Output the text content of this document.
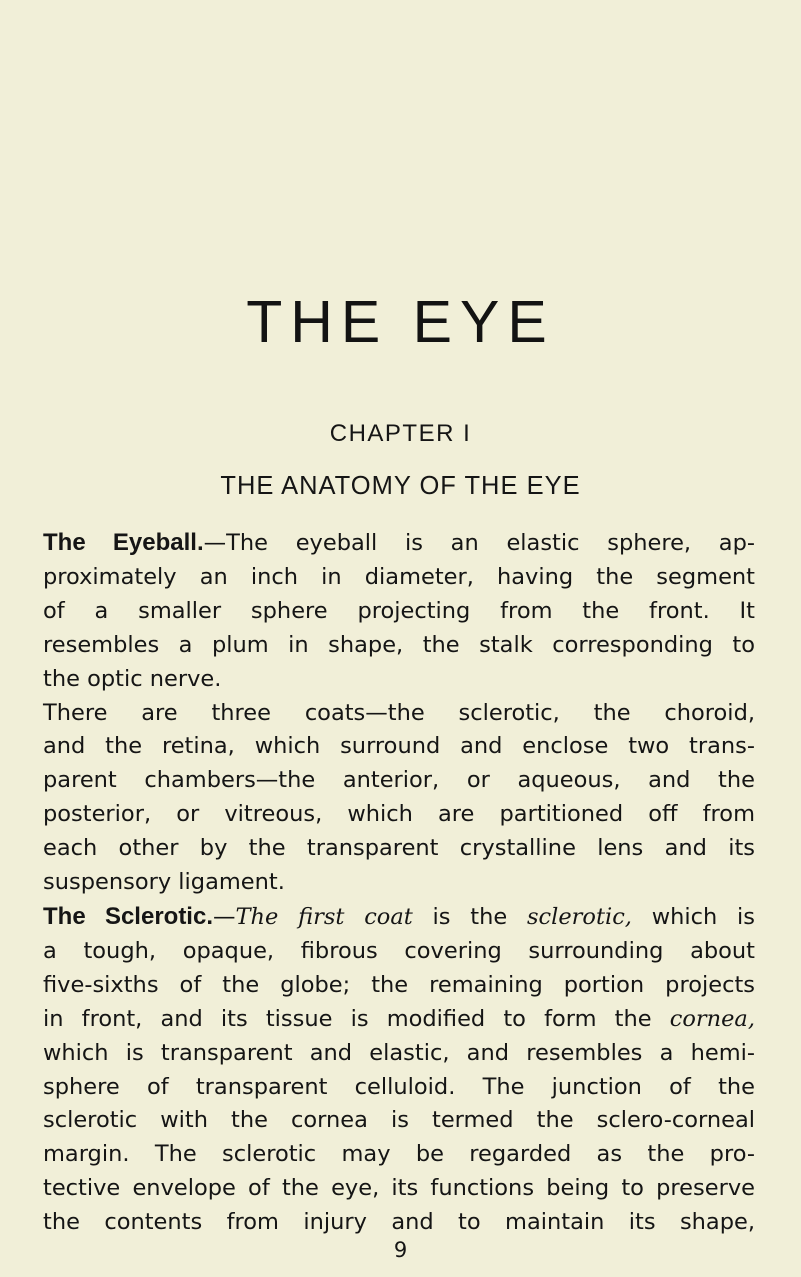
THE EYE
CHAPTER I
THE ANATOMY OF THE EYE
The Eyeball.—The eyeball is an elastic sphere, ap-
proximately an inch in diameter, having the segment
of a smaller sphere projecting from the front. It
resembles a plum in shape, the stalk corresponding to
the optic nerve.
There are three coats—the sclerotic, the choroid,
and the retina, which surround and enclose two trans-
parent chambers—the anterior, or aqueous, and the
posterior, or vitreous, which are partitioned off from
each other by the transparent crystalline lens and its
suspensory ligament.
The Sclerotic.—The first coat is the sclerotic, which is
a tough, opaque, fibrous covering surrounding about
five-sixths of the globe; the remaining portion projects
in front, and its tissue is modified to form the cornea,
which is transparent and elastic, and resembles a hemi-
sphere of transparent celluloid. The junction of the
sclerotic with the cornea is termed the sclero-corneal
margin. The sclerotic may be regarded as the pro-
tective envelope of the eye, its functions being to preserve
the contents from injury and to maintain its shape,
9
